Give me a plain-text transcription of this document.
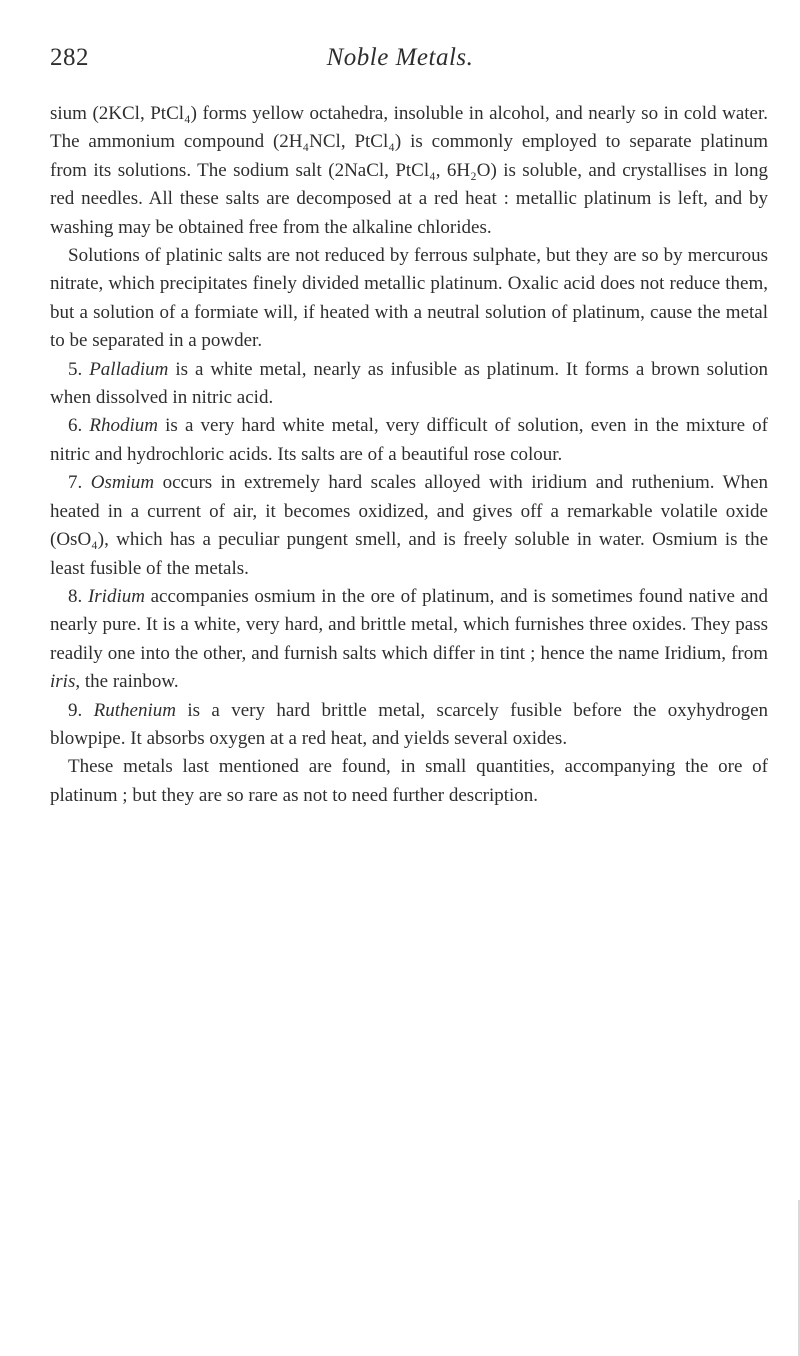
282	Noble Metals.

sium (2KCl, PtCl₄) forms yellow octahedra, insoluble in alcohol, and nearly so in cold water. The ammonium compound (2H₄NCl, PtCl₄) is commonly employed to separate platinum from its solutions. The sodium salt (2NaCl, PtCl₄, 6H₂O) is soluble, and crystallises in long red needles. All these salts are decomposed at a red heat : metallic platinum is left, and by washing may be obtained free from the alkaline chlorides.

Solutions of platinic salts are not reduced by ferrous sulphate, but they are so by mercurous nitrate, which precipitates finely divided metallic platinum. Oxalic acid does not reduce them, but a solution of a formiate will, if heated with a neutral solution of platinum, cause the metal to be separated in a powder.

5. Palladium is a white metal, nearly as infusible as platinum. It forms a brown solution when dissolved in nitric acid.

6. Rhodium is a very hard white metal, very difficult of solution, even in the mixture of nitric and hydrochloric acids. Its salts are of a beautiful rose colour.

7. Osmium occurs in extremely hard scales alloyed with iridium and ruthenium. When heated in a current of air, it becomes oxidized, and gives off a remarkable volatile oxide (OsO₄), which has a peculiar pungent smell, and is freely soluble in water. Osmium is the least fusible of the metals.

8. Iridium accompanies osmium in the ore of platinum, and is sometimes found native and nearly pure. It is a white, very hard, and brittle metal, which furnishes three oxides. They pass readily one into the other, and furnish salts which differ in tint ; hence the name Iridium, from iris, the rainbow.

9. Ruthenium is a very hard brittle metal, scarcely fusible before the oxyhydrogen blowpipe. It absorbs oxygen at a red heat, and yields several oxides.

These metals last mentioned are found, in small quantities, accompanying the ore of platinum ; but they are so rare as not to need further description.
